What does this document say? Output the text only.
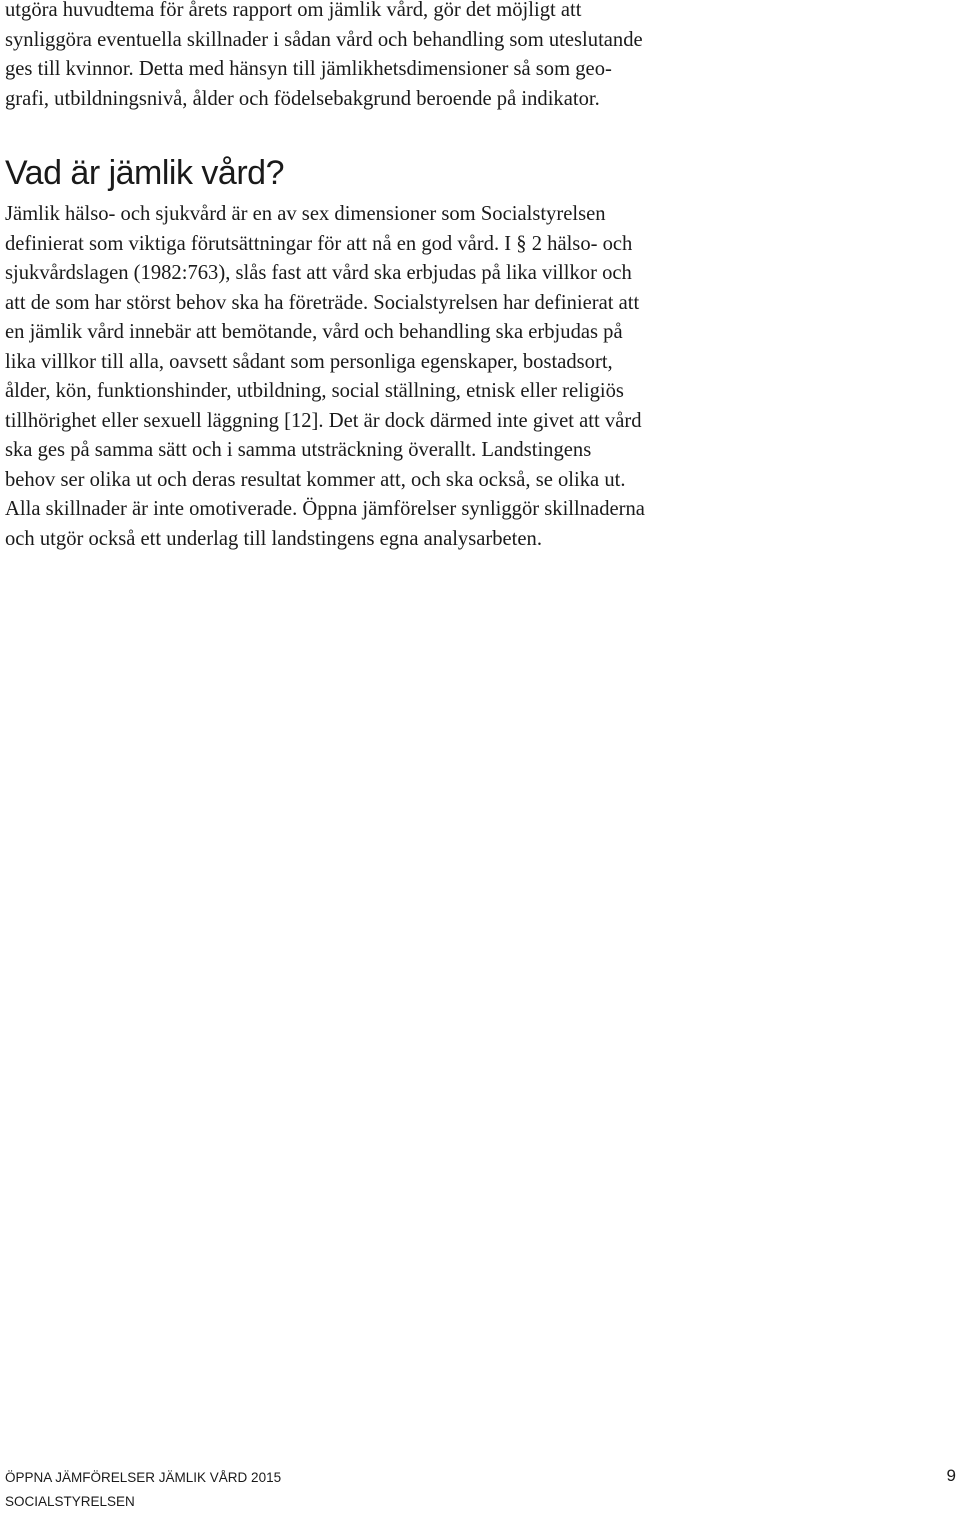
utgöra huvudtema för årets rapport om jämlik vård, gör det möjligt att
synliggöra eventuella skillnader i sådan vård och behandling som uteslutande
ges till kvinnor. Detta med hänsyn till jämlikhetsdimensioner så som geo-
grafi, utbildningsnivå, ålder och födelsebakgrund beroende på indikator.

Vad är jämlik vård?

Jämlik hälso- och sjukvård är en av sex dimensioner som Socialstyrelsen
definierat som viktiga förutsättningar för att nå en god vård. I § 2 hälso- och
sjukvårdslagen (1982:763), slås fast att vård ska erbjudas på lika villkor och
att de som har störst behov ska ha företräde. Socialstyrelsen har definierat att
en jämlik vård innebär att bemötande, vård och behandling ska erbjudas på
lika villkor till alla, oavsett sådant som personliga egenskaper, bostadsort,
ålder, kön, funktionshinder, utbildning, social ställning, etnisk eller religiös
tillhörighet eller sexuell läggning [12]. Det är dock därmed inte givet att vård
ska ges på samma sätt och i samma utsträckning överallt. Landstingens
behov ser olika ut och deras resultat kommer att, och ska också, se olika ut.
Alla skillnader är inte omotiverade. Öppna jämförelser synliggör skillnaderna
och utgör också ett underlag till landstingens egna analysarbeten.

ÖPPNA JÄMFÖRELSER JÄMLIK VÅRD 2015
SOCIALSTYRELSEN
9
